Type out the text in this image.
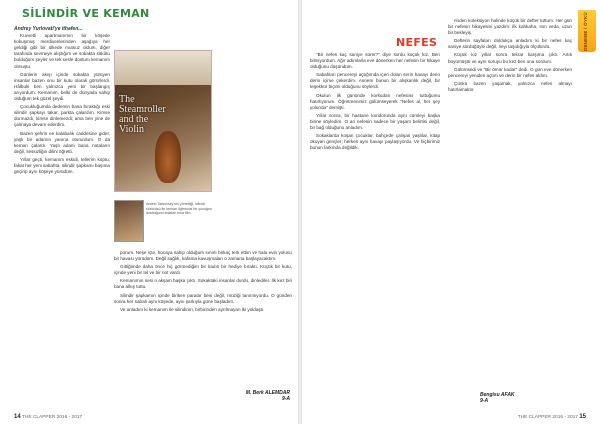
SİLİNDİR VE KEMAN
Andrey Yurlovati'ye ithafen...

Kuvvetli apartmanımın bir köşede kokuşmuş merdivenlerinden aşağıya her geldiği gibi bir ülkede mutsuz oldum, diğer tarafında sevmeye alıştığım ve sokakta sükûtu bulduğum şeyler ve tek sesle dostum kemanım olmuştu.

Günlerin akışı içinde sokakta yürüyen insanlar bazen onu bir kutu olarak görürlerdi. Hâlbuki ben yalnızca yeni bir başlangıç arıyordum. Kemanım, belki de dünyada sahip olduğum tek güzel şeydi.

Çocukluğumda dedemin bana bıraktığı eski silindir şapkayı takar, parkta çalardım. Kimse durmazdı, kimse dinlemezdi; ama ben yine de çalmaya devam ederdim.

Bazen şehrin en kalabalık caddesine gider, yaşlı bir adamın yanına otururdum. O da keman çalardı. Yaşlı adam bana notaların değil, sessizliğin dilini öğretti.

Yıllar geçti, kemanım eskidi, tellerim koptu; fakat her yeni sabahta, silindir şapkamı başıma geçirip aynı köşeye yürüdüm.

The
Steamroller
and the
Violin
Andrei Tarkovsky'nin yönettiği, silindir sürücüsü ile keman öğrencisi bir çocuğun dostluğunu anlatan kısa film.

porum. Neşe içte, hocaya sahip olduğum sınırlı birkaç terk ettim ve hala evin yolunu bir havası yürüdüm. Değil sağlık, kafama kavuşmaları o zamana başlayacaktım.

Gittiğimde daha önce hiç görmediğim bir kadın bir hediye bıraktı. Küçük bir kutu, içinde yeni bir tel ve bir not vardı.

Kemanımın sesi o akşam başka çıktı. Sokaktaki insanlar durdu, dinlediler. İlk kez biri bana alkış tuttu.

Silindir şapkamın içinde biriken paralar beni değil, müziği tanımlıyordu. O günden sonra her sabah aynı köşede, aynı şarkıyla güne başladım.

Ve anladım ki kemanım ile silindirim, birbirinden ayrılmayan iki yoldaştı.

M. Berk ALEMDAR
9-A
14 THE CLAPPER 2016 - 2017
NEFES

"Bir nefes kaç saniye sürer?" diye sordu küçük kız. Ben bilmiyordum. Ağır adımlarla eve dönerken her nefesin bir hikaye olduğunu düşündüm.

Sabahları pencereyi açtığımda içeri dolan serin havayı derin derin içime çekerdim. Annem bunun bir alışkanlık değil, bir teşekkür biçimi olduğunu söylerdi.

Okulun ilk gününde korkudan nefesimi tuttuğumu hatırlıyorum. Öğretmenimiz gülümseyerek "Nefes al, her şey yolunda" demişti.

Yıllar sonra, bir hastane koridorunda aynı cümleyi başka birine söyledim. O an nefesin sadece bir yaşam belirtisi değil, bir bağ olduğunu anladım.

Sokaklarda koşan çocuklar, bahçede çalışan yaşlılar, kitap okuyan gençler; herkes aynı havayı paylaşıyordu. Ve hiçbirimiz bunun farkında değildik.

rinden koleksiyon halinde küçük bir defter tuttum. Her gün bir nefesin hikayesini yazdım: ilk kahkaha, son veda, uzun bir bekleyiş.

Defterin sayfaları doldukça anladım ki bir nefes kaç saniye sürdüğüyle değil, neyi taşıdığıyla ölçülürdü.

Küçük kız yıllar sonra tekrar karşıma çıktı. Artık büyümüştü ve aynı soruyu bu kez ben ona sordum.

Gülümsedi ve "Bir ömür kadar" dedi. O gün eve dönerken pencereyi yeniden açtım ve derin bir nefes aldım.

Çünkü bazen yaşamak, yalnızca nefes almayı hatırlamaktır.

THE CLAPPER 2016 - 2017 15
Bengisu AFAK
9-A
DENEME / ÖYKÜ
